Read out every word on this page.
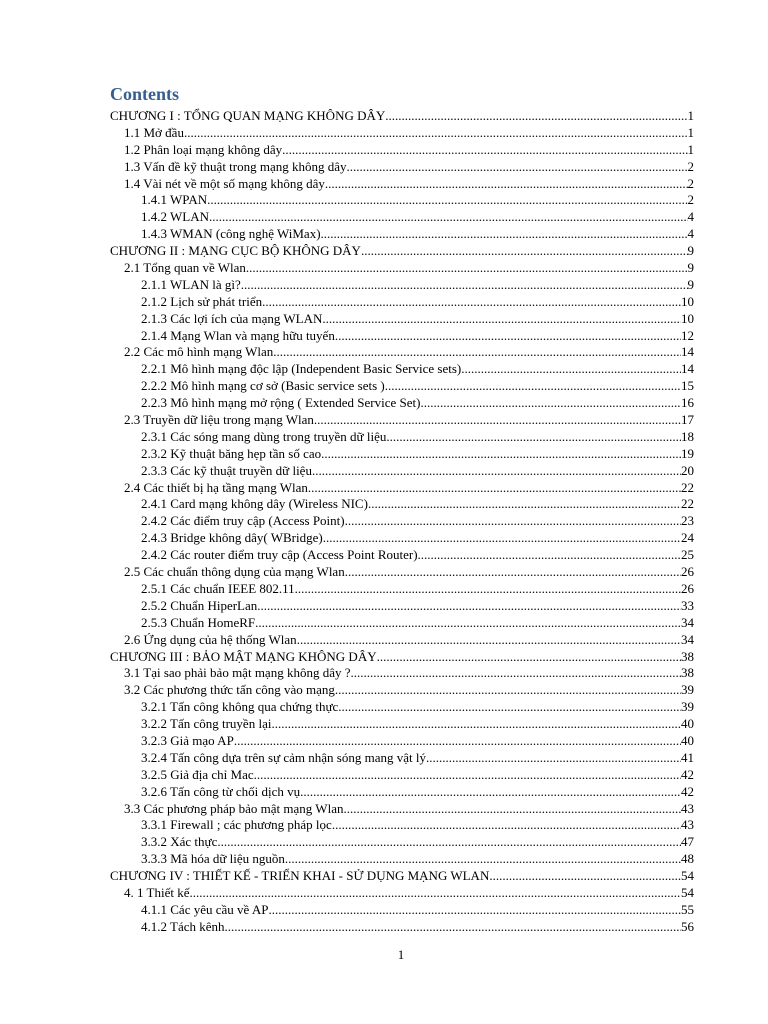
Contents
CHƯƠNG I : TỔNG QUAN MẠNG KHÔNG DÂY .....	1
1.1 Mở đầu .....	1
1.2 Phân loại mạng không dây .....	1
1.3 Vấn đề kỹ thuật trong mạng không dây .....	2
1.4 Vài nét về một số mạng không dây .....	2
1.4.1 WPAN .....	2
1.4.2 WLAN .....	4
1.4.3 WMAN (công nghệ WiMax) .....	4
CHƯƠNG II : MẠNG CỤC BỘ KHÔNG DÂY .....	9
2.1 Tổng quan về Wlan .....	9
2.1.1 WLAN là gì? .....	9
2.1.2 Lịch sử phát triển .....	10
2.1.3 Các lợi ích của mạng WLAN .....	10
2.1.4 Mạng Wlan và mạng hữu tuyến .....	12
2.2 Các mô hình mạng Wlan .....	14
2.2.1 Mô hình mạng độc lập (Independent Basic Service sets) .....	14
2.2.2 Mô hình mạng cơ sở (Basic service sets ) .....	15
2.2.3 Mô hình mạng mở rộng ( Extended Service Set) .....	16
2.3 Truyền dữ liệu trong mạng Wlan .....	17
2.3.1 Các sóng mang dùng trong truyền dữ liệu .....	18
2.3.2 Kỹ thuật băng hẹp tần số cao .....	19
2.3.3 Các kỹ thuật truyền dữ liệu .....	20
2.4 Các thiết bị hạ tầng mạng Wlan .....	22
2.4.1 Card mạng không dây (Wireless NIC) .....	22
2.4.2 Các điểm truy cập (Access Point) .....	23
2.4.3 Bridge không dây( WBridge) .....	24
2.4.2 Các router điểm truy cập (Access Point Router) .....	25
2.5 Các chuẩn thông dụng của mạng Wlan .....	26
2.5.1 Các chuẩn IEEE 802.11 .....	26
2.5.2 Chuẩn HiperLan .....	33
2.5.3 Chuẩn HomeRF .....	34
2.6 Ứng dụng của hệ thống Wlan .....	34
CHƯƠNG III : BẢO MẬT MẠNG KHÔNG DÂY .....	38
3.1 Tại sao phải bảo mật mạng không dây ? .....	38
3.2 Các phương thức tấn công vào mạng .....	39
3.2.1 Tấn công không qua chứng thực .....	39
3.2.2 Tấn công truyền lại .....	40
3.2.3 Giả mạo AP .....	40
3.2.4 Tấn công dựa trên sự cảm nhận sóng mang vật lý .....	41
3.2.5 Giả địa chỉ Mac .....	42
3.2.6 Tấn công từ chối dịch vụ .....	42
3.3 Các phương pháp bảo mật mạng Wlan .....	43
3.3.1 Firewall ; các phương pháp lọc .....	43
3.3.2 Xác thực .....	47
3.3.3 Mã hóa dữ liệu nguồn .....	48
CHƯƠNG IV : THIẾT KẾ - TRIỂN KHAI - SỬ DỤNG MẠNG WLAN .....	54
4. 1 Thiết kế .....	54
4.1.1 Các yêu cầu về AP .....	55
4.1.2 Tách kênh .....	56
1
